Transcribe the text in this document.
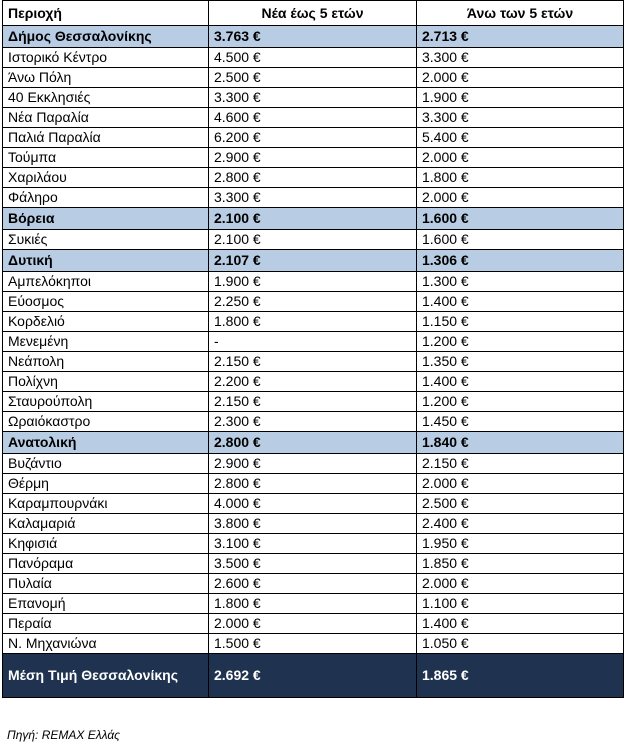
Περιοχή	Νέα έως 5 ετών	Άνω των 5 ετών
Δήμος Θεσσαλονίκης	3.763 €	2.713 €
Ιστορικό Κέντρο	4.500 €	3.300 €
Άνω Πόλη	2.500 €	2.000 €
40 Εκκλησιές	3.300 €	1.900 €
Νέα Παραλία	4.600 €	3.300 €
Παλιά Παραλία	6.200 €	5.400 €
Τούμπα	2.900 €	2.000 €
Χαριλάου	2.800 €	1.800 €
Φάληρο	3.300 €	2.000 €
Βόρεια	2.100 €	1.600 €
Συκιές	2.100 €	1.600 €
Δυτική	2.107 €	1.306 €
Αμπελόκηποι	1.900 €	1.300 €
Εύοσμος	2.250 €	1.400 €
Κορδελιό	1.800 €	1.150 €
Μενεμένη	-	1.200 €
Νεάπολη	2.150 €	1.350 €
Πολίχνη	2.200 €	1.400 €
Σταυρούπολη	2.150 €	1.200 €
Ωραιόκαστρο	2.300 €	1.450 €
Ανατολική	2.800 €	1.840 €
Βυζάντιο	2.900 €	2.150 €
Θέρμη	2.800 €	2.000 €
Καραμπουρνάκι	4.000 €	2.500 €
Καλαμαριά	3.800 €	2.400 €
Κηφισιά	3.100 €	1.950 €
Πανόραμα	3.500 €	1.850 €
Πυλαία	2.600 €	2.000 €
Επανομή	1.800 €	1.100 €
Περαία	2.000 €	1.400 €
Ν. Μηχανιώνα	1.500 €	1.050 €
Μέση Τιμή Θεσσαλονίκης	2.692 €	1.865 €
Πηγή: REMAX Ελλάς
